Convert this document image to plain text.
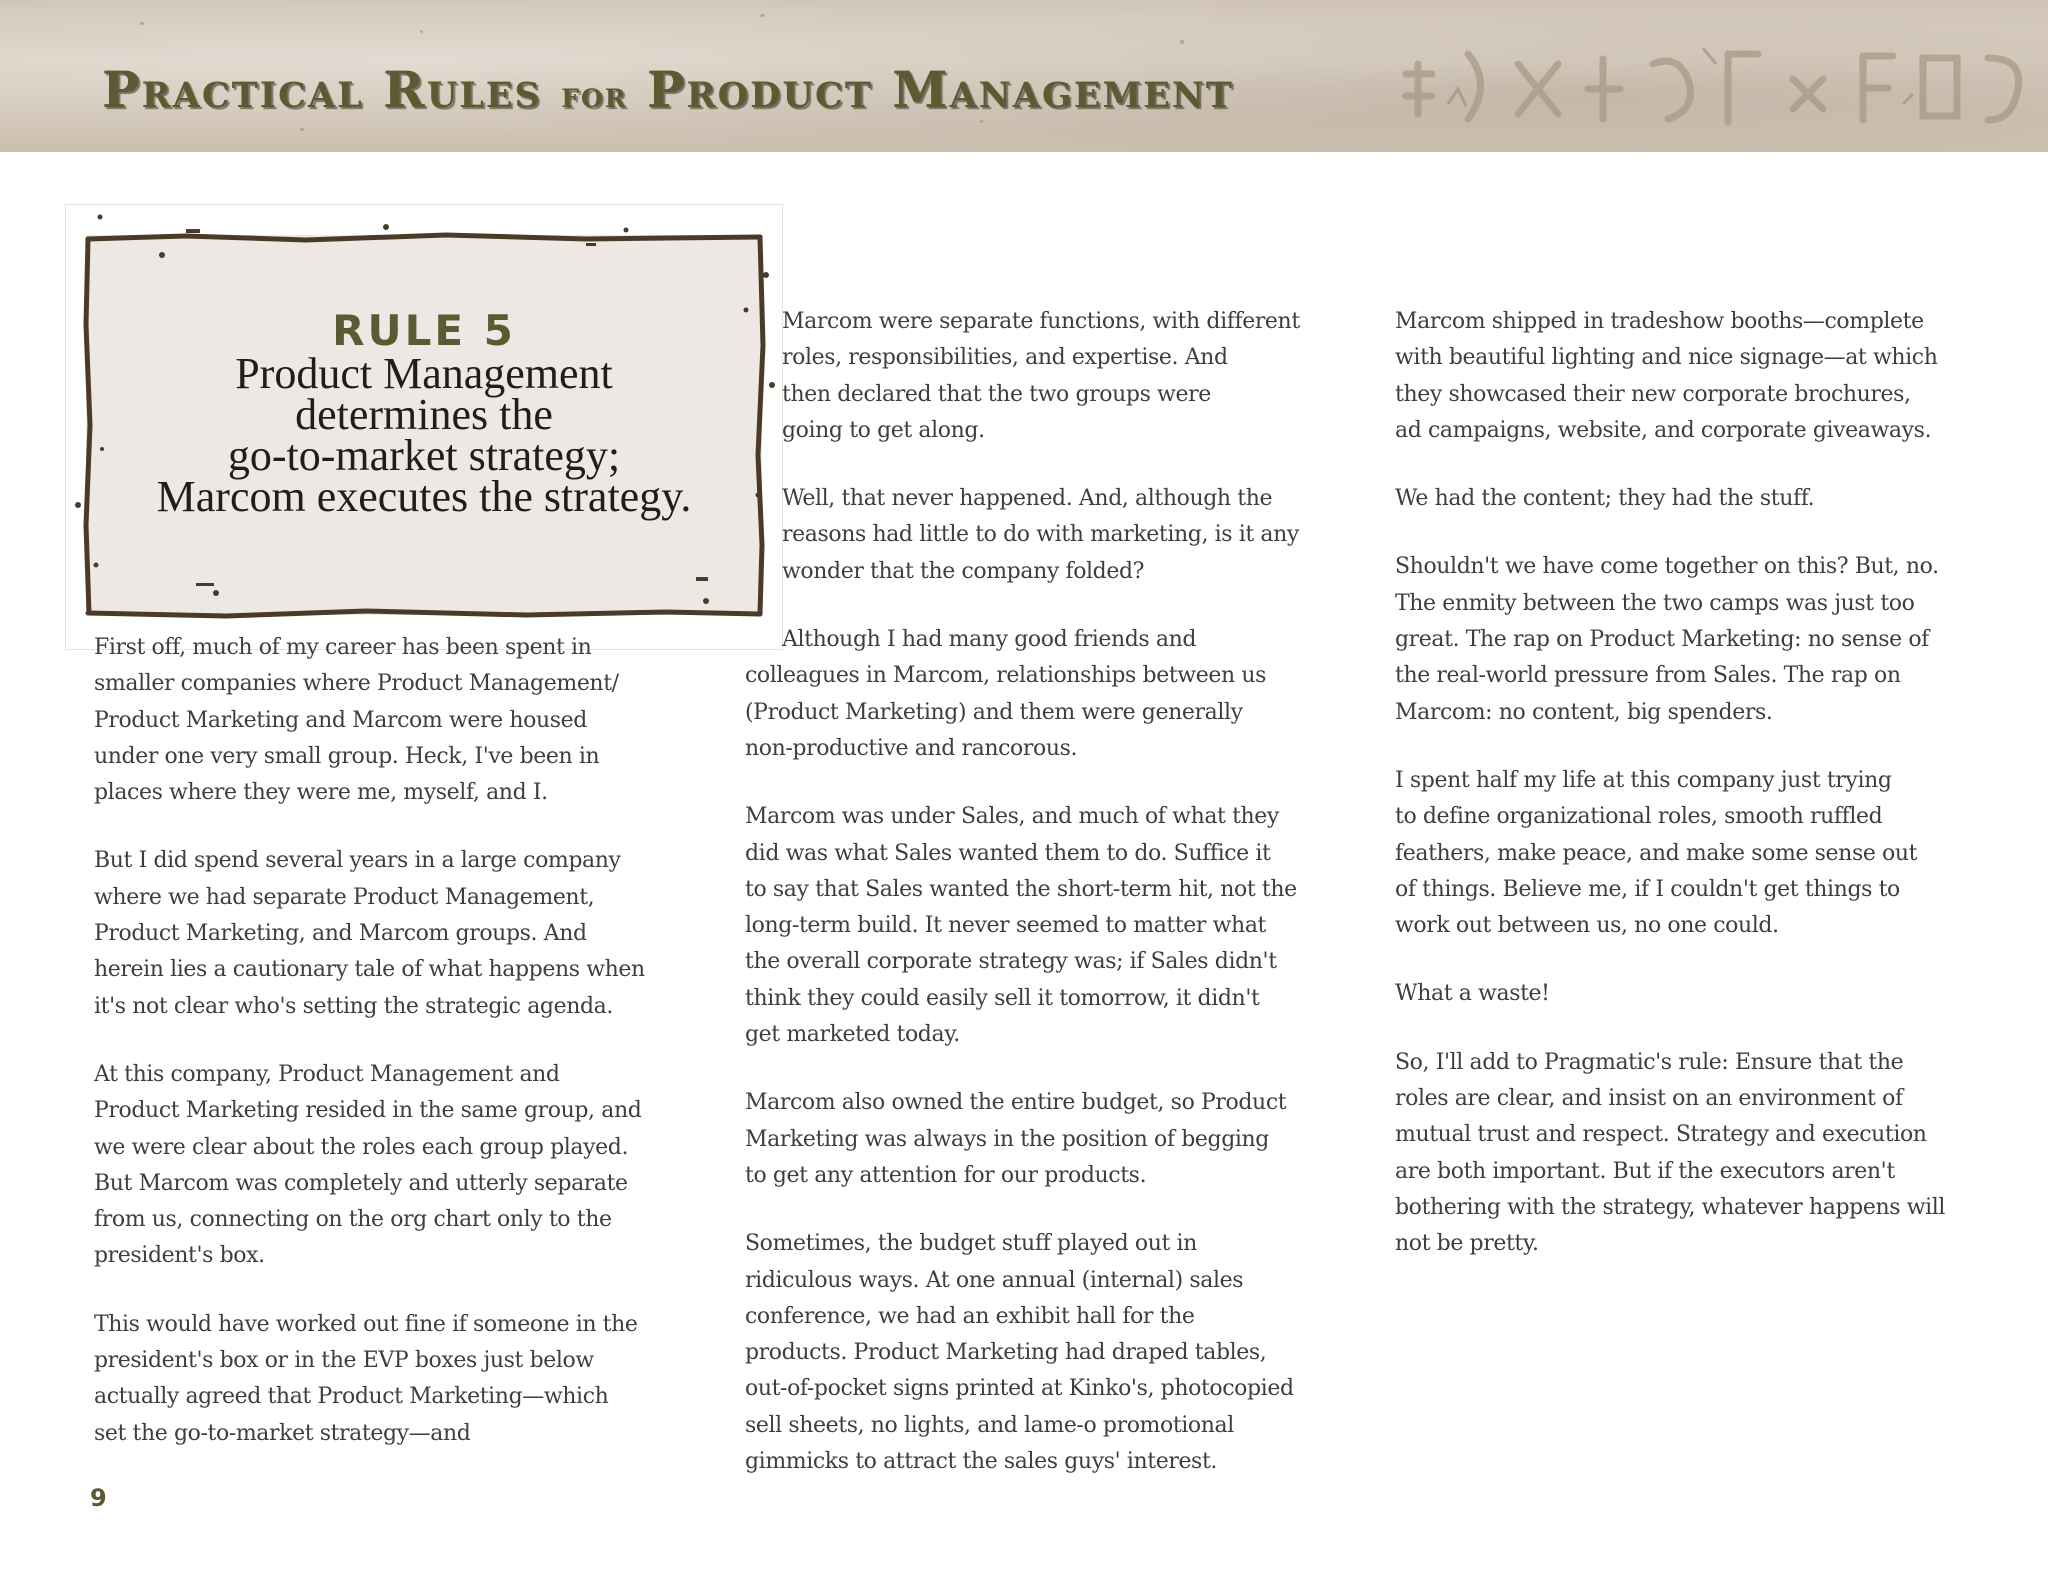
Practical Rules for Product Management
RULE 5
Product Management
determines the
go-to-market strategy;
Marcom executes the strategy.

First off, much of my career has been spent in

smaller companies where Product Management/

Product Marketing and Marcom were housed

under one very small group. Heck, I've been in

places where they were me, myself, and I.

But I did spend several years in a large company

where we had separate Product Management,

Product Marketing, and Marcom groups. And

herein lies a cautionary tale of what happens when

it's not clear who's setting the strategic agenda.

At this company, Product Management and

Product Marketing resided in the same group, and

we were clear about the roles each group played.

But Marcom was completely and utterly separate

from us, connecting on the org chart only to the

president's box.

This would have worked out fine if someone in the

president's box or in the EVP boxes just below

actually agreed that Product Marketing—which

set the go-to-market strategy—and

Marcom were separate functions, with different

roles, responsibilities, and expertise. And

then declared that the two groups were

going to get along.

Well, that never happened. And, although the

reasons had little to do with marketing, is it any

wonder that the company folded?

Although I had many good friends and

colleagues in Marcom, relationships between us

(Product Marketing) and them were generally

non-productive and rancorous.

Marcom was under Sales, and much of what they

did was what Sales wanted them to do. Suffice it

to say that Sales wanted the short-term hit, not the

long-term build. It never seemed to matter what

the overall corporate strategy was; if Sales didn't

think they could easily sell it tomorrow, it didn't

get marketed today.

Marcom also owned the entire budget, so Product

Marketing was always in the position of begging

to get any attention for our products.

Sometimes, the budget stuff played out in

ridiculous ways. At one annual (internal) sales

conference, we had an exhibit hall for the

products. Product Marketing had draped tables,

out-of-pocket signs printed at Kinko's, photocopied

sell sheets, no lights, and lame-o promotional

gimmicks to attract the sales guys' interest.

Marcom shipped in tradeshow booths—complete

with beautiful lighting and nice signage—at which

they showcased their new corporate brochures,

ad campaigns, website, and corporate giveaways.

We had the content; they had the stuff.

Shouldn't we have come together on this? But, no.

The enmity between the two camps was just too

great. The rap on Product Marketing: no sense of

the real-world pressure from Sales. The rap on

Marcom: no content, big spenders.

I spent half my life at this company just trying

to define organizational roles, smooth ruffled

feathers, make peace, and make some sense out

of things. Believe me, if I couldn't get things to

work out between us, no one could.

What a waste!

So, I'll add to Pragmatic's rule: Ensure that the

roles are clear, and insist on an environment of

mutual trust and respect. Strategy and execution

are both important. But if the executors aren't

bothering with the strategy, whatever happens will

not be pretty.

9
